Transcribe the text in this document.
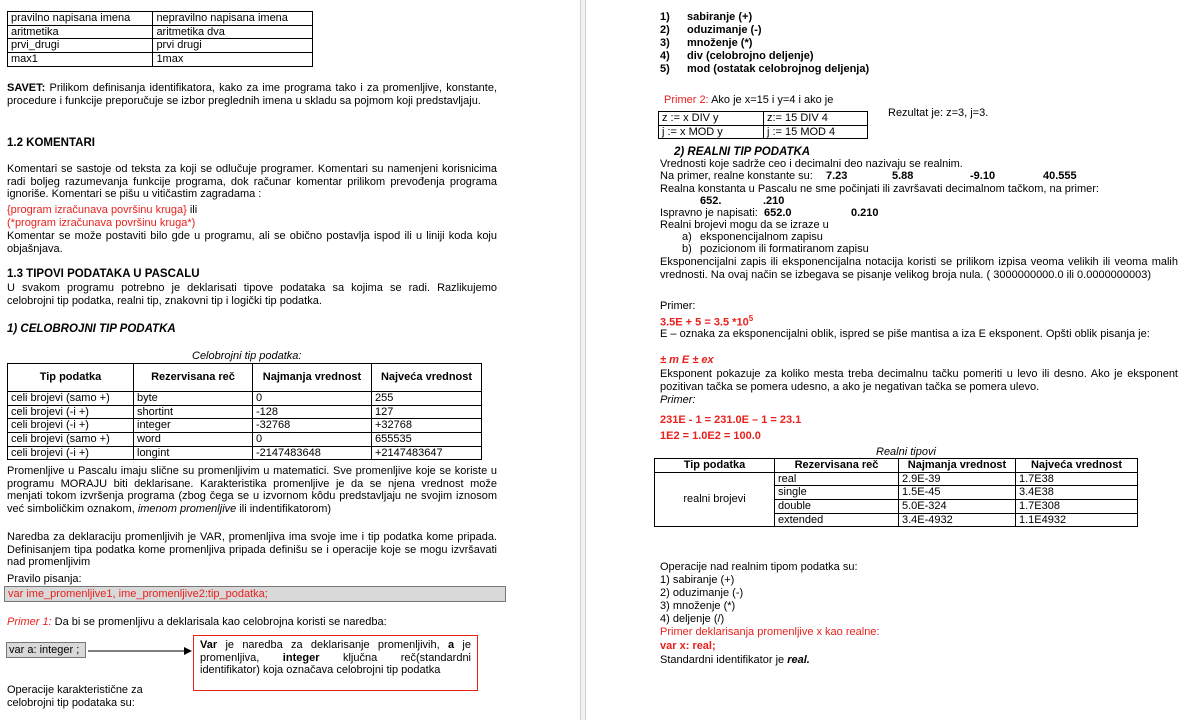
pravilno napisana imena	nepravilno napisana imena
aritmetika	aritmetika dva
prvi_drugi	prvi drugi
max1	1max

SAVET: Prilikom definisanja identifikatora, kako za ime programa tako i za promenljive, konstante, procedure i funkcije preporučuje se izbor preglednih imena u skladu sa pojmom koji predstavljaju.

1.2 KOMENTARI

Komentari se sastoje od teksta za koji se odlučuje programer. Komentari su namenjeni korisnicima radi boljeg razumevanja funkcije programa, dok računar komentar prilikom prevođenja programa ignoriše. Komentari se pišu u vitičastim zagradama :

{program izračunava površinu kruga} ili

(*program izračunava površinu kruga*)

Komentar se može postaviti bilo gde u programu, ali se obično postavlja ispod ili u liniji koda koju objašnjava.

1.3 TIPOVI PODATAKA U PASCALU

U svakom programu potrebno je deklarisati tipove podataka sa kojima se radi. Razlikujemo celobrojni tip podatka, realni tip, znakovni tip i logički tip podatka.

1) CELOBROJNI TIP PODATKA

Celobrojni tip podatka:

Tip podatka	Rezervisana reč	Najmanja vrednost	Najveća vrednost
celi brojevi (samo +)	byte	0	255
celi brojevi (-i +)	shortint	-128	127
celi brojevi (-i +)	integer	-32768	+32768
celi brojevi (samo +)	word	0	655535
celi brojevi (-i +)	longint	-2147483648	+2147483647

Promenljive u Pascalu imaju slične su promenljivim u matematici. Sve promenljive koje se koriste u programu MORAJU biti deklarisane. Karakteristika promenljive je da se njena vrednost može menjati tokom izvršenja programa (zbog čega se u izvornom kôdu predstavljaju ne svojim iznosom već simboličkim oznakom, imenom promenljive ili indentifikatorom)

Naredba za deklaraciju promenljivih je VAR, promenljiva ima svoje ime i tip podatka kome pripada. Definisanjem tipa podatka kome promenljiva pripada definišu se i operacije koje se mogu izvršavati nad promenljivim

Pravilo pisanja:

var ime_promenljive1, ime_promenljive2:tip_podatka;

Primer 1: Da bi se promenljivu a deklarisala kao celobrojna koristi se naredba:

var a: integer ;	Var je naredba za deklarisanje promenljivih, a je promenljiva, integer ključna reč(standardni identifikator) koja označava celobrojni tip podatka

Operacije karakteristične za celobrojni tip podataka su:

1) sabiranje (+)
2) oduzimanje (-)
3) množenje (*)
4) div (celobrojno deljenje)
5) mod (ostatak celobrojnog deljenja)

Primer 2: Ako je x=15 i y=4 i ako je

z := x DIV y	z:= 15 DIV 4
j := x MOD y	j := 15 MOD 4

Rezultat je: z=3, j=3.

2) REALNI TIP PODATKA

Vrednosti koje sadrže ceo i decimalni deo nazivaju se realnim.

Na primer, realne konstante su: 7.23	5.88	-9.10	40.555

Realna konstanta u Pascalu ne sme počinjati ili završavati decimalnom tačkom, na primer:

652.	.210
Ispravno je napisati: 652.0	0.210

Realni brojevi mogu da se izraze u

a) eksponencijalnom zapisu
b) pozicionom ili formatiranom zapisu

Eksponencijalni zapis ili eksponencijalna notacija koristi se prilikom izpisa veoma velikih ili veoma malih vrednosti. Na ovaj način se izbegava se pisanje velikog broja nula. ( 3000000000.0 ili 0.0000000003)

Primer:

3.5E + 5 = 3.5 $*10^5$

E – oznaka za eksponencijalni oblik, ispred se piše mantisa a iza E eksponent. Opšti oblik pisanja je:

± m E ± ex

Eksponent pokazuje za koliko mesta treba decimalnu tačku pomeriti u levo ili desno. Ako je eksponent pozitivan tačka se pomera udesno, a ako je negativan tačka se pomera ulevo.

Primer:

231E - 1 = 231.0E – 1 = 23.1

1E2 = 1.0E2 = 100.0

Realni tipovi

Tip podatka	Rezervisana reč	Najmanja vrednost	Najveća vrednost
realni brojevi	real	2.9E-39	1.7E38
	single	1.5E-45	3.4E38
	double	5.0E-324	1.7E308
	extended	3.4E-4932	1.1E4932

Operacije nad realnim tipom podatka su:

1) sabiranje (+)
2) oduzimanje (-)
3) množenje (*)
4) deljenje (/)

Primer deklarisanja promenljive x kao realne:

var x: real;

Standardni identifikator je real.
